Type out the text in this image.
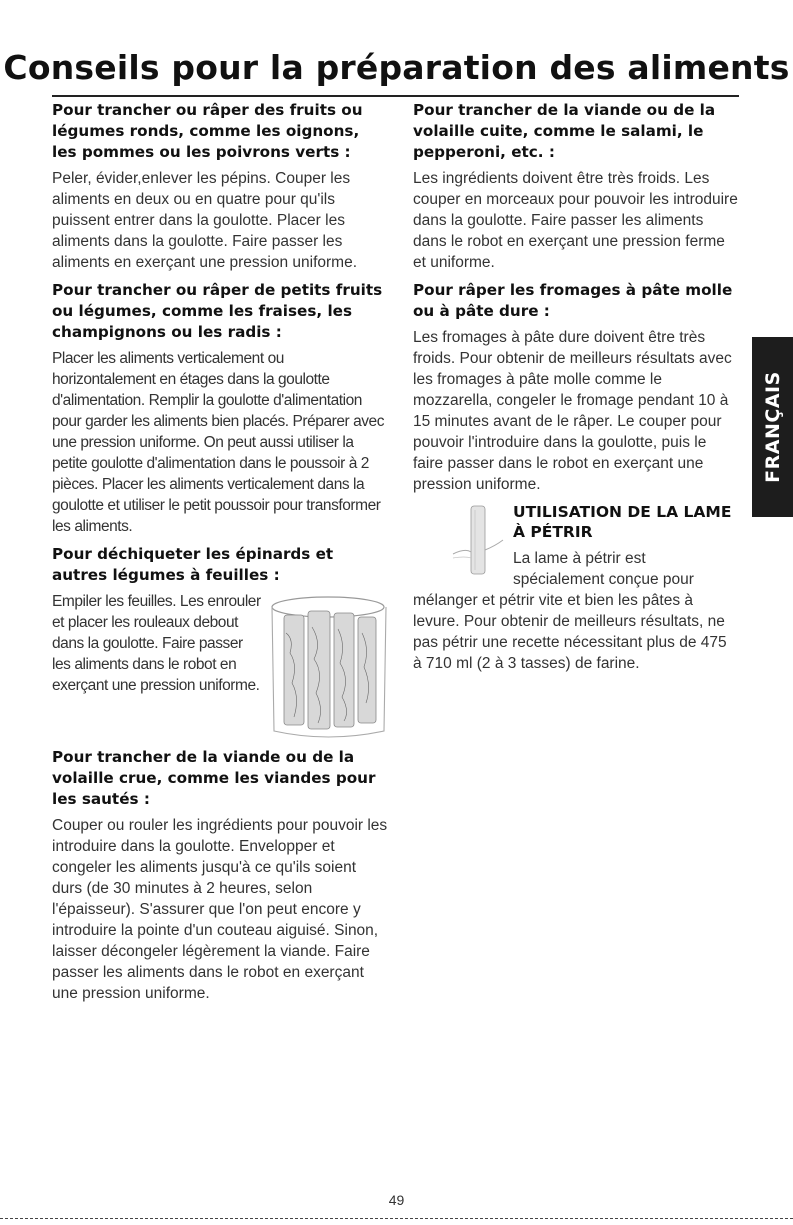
Conseils pour la préparation des aliments
Pour trancher ou râper des fruits ou légumes ronds, comme les oignons, les pommes ou les poivrons verts :

Peler, évider,enlever les pépins. Couper les aliments en deux ou en quatre pour qu'ils puissent entrer dans la goulotte. Placer les aliments dans la goulotte. Faire passer les aliments en exerçant une pression uniforme.

Pour trancher ou râper de petits fruits ou légumes, comme les fraises, les champignons ou les radis :

Placer les aliments verticalement ou horizontalement en étages dans la goulotte d'alimentation. Remplir la goulotte d'alimentation pour garder les aliments bien placés. Préparer avec une pression uniforme. On peut aussi utiliser la petite goulotte d'alimentation dans le poussoir à 2 pièces. Placer les aliments verticalement dans la goulotte et utiliser le petit poussoir pour transformer les aliments.

Pour déchiqueter les épinards et autres légumes à feuilles :

Empiler les feuilles. Les enrouler et placer les rouleaux debout dans la goulotte. Faire passer les aliments dans le robot en exerçant une pression uniforme.

Pour trancher de la viande ou de la volaille crue, comme les viandes pour les sautés :

Couper ou rouler les ingrédients pour pouvoir les introduire dans la goulotte. Envelopper et congeler les aliments jusqu'à ce qu'ils soient durs (de 30 minutes à 2 heures, selon l'épaisseur). S'assurer que l'on peut encore y introduire la pointe d'un couteau aiguisé. Sinon, laisser décongeler légèrement la viande. Faire passer les aliments dans le robot en exerçant une pression uniforme.

Pour trancher de la viande ou de la volaille cuite, comme le salami, le pepperoni, etc. :

Les ingrédients doivent être très froids. Les couper en morceaux pour pouvoir les introduire dans la goulotte. Faire passer les aliments dans le robot en exerçant une pression ferme et uniforme.

Pour râper les fromages à pâte molle ou à pâte dure :

Les fromages à pâte dure doivent être très froids. Pour obtenir de meilleurs résultats avec les fromages à pâte molle comme le mozzarella, congeler le fromage pendant 10 à 15 minutes avant de le râper. Le couper pour pouvoir l'introduire dans la goulotte, puis le faire passer dans le robot en exerçant une pression uniforme.

UTILISATION DE LA LAME À PÉTRIR

La lame à pétrir est spécialement conçue pour mélanger et pétrir vite et bien les pâtes à levure. Pour obtenir de meilleurs résultats, ne pas pétrir une recette nécessitant plus de 475 à 710 ml (2 à 3 tasses) de farine.

FRANÇAIS
49
